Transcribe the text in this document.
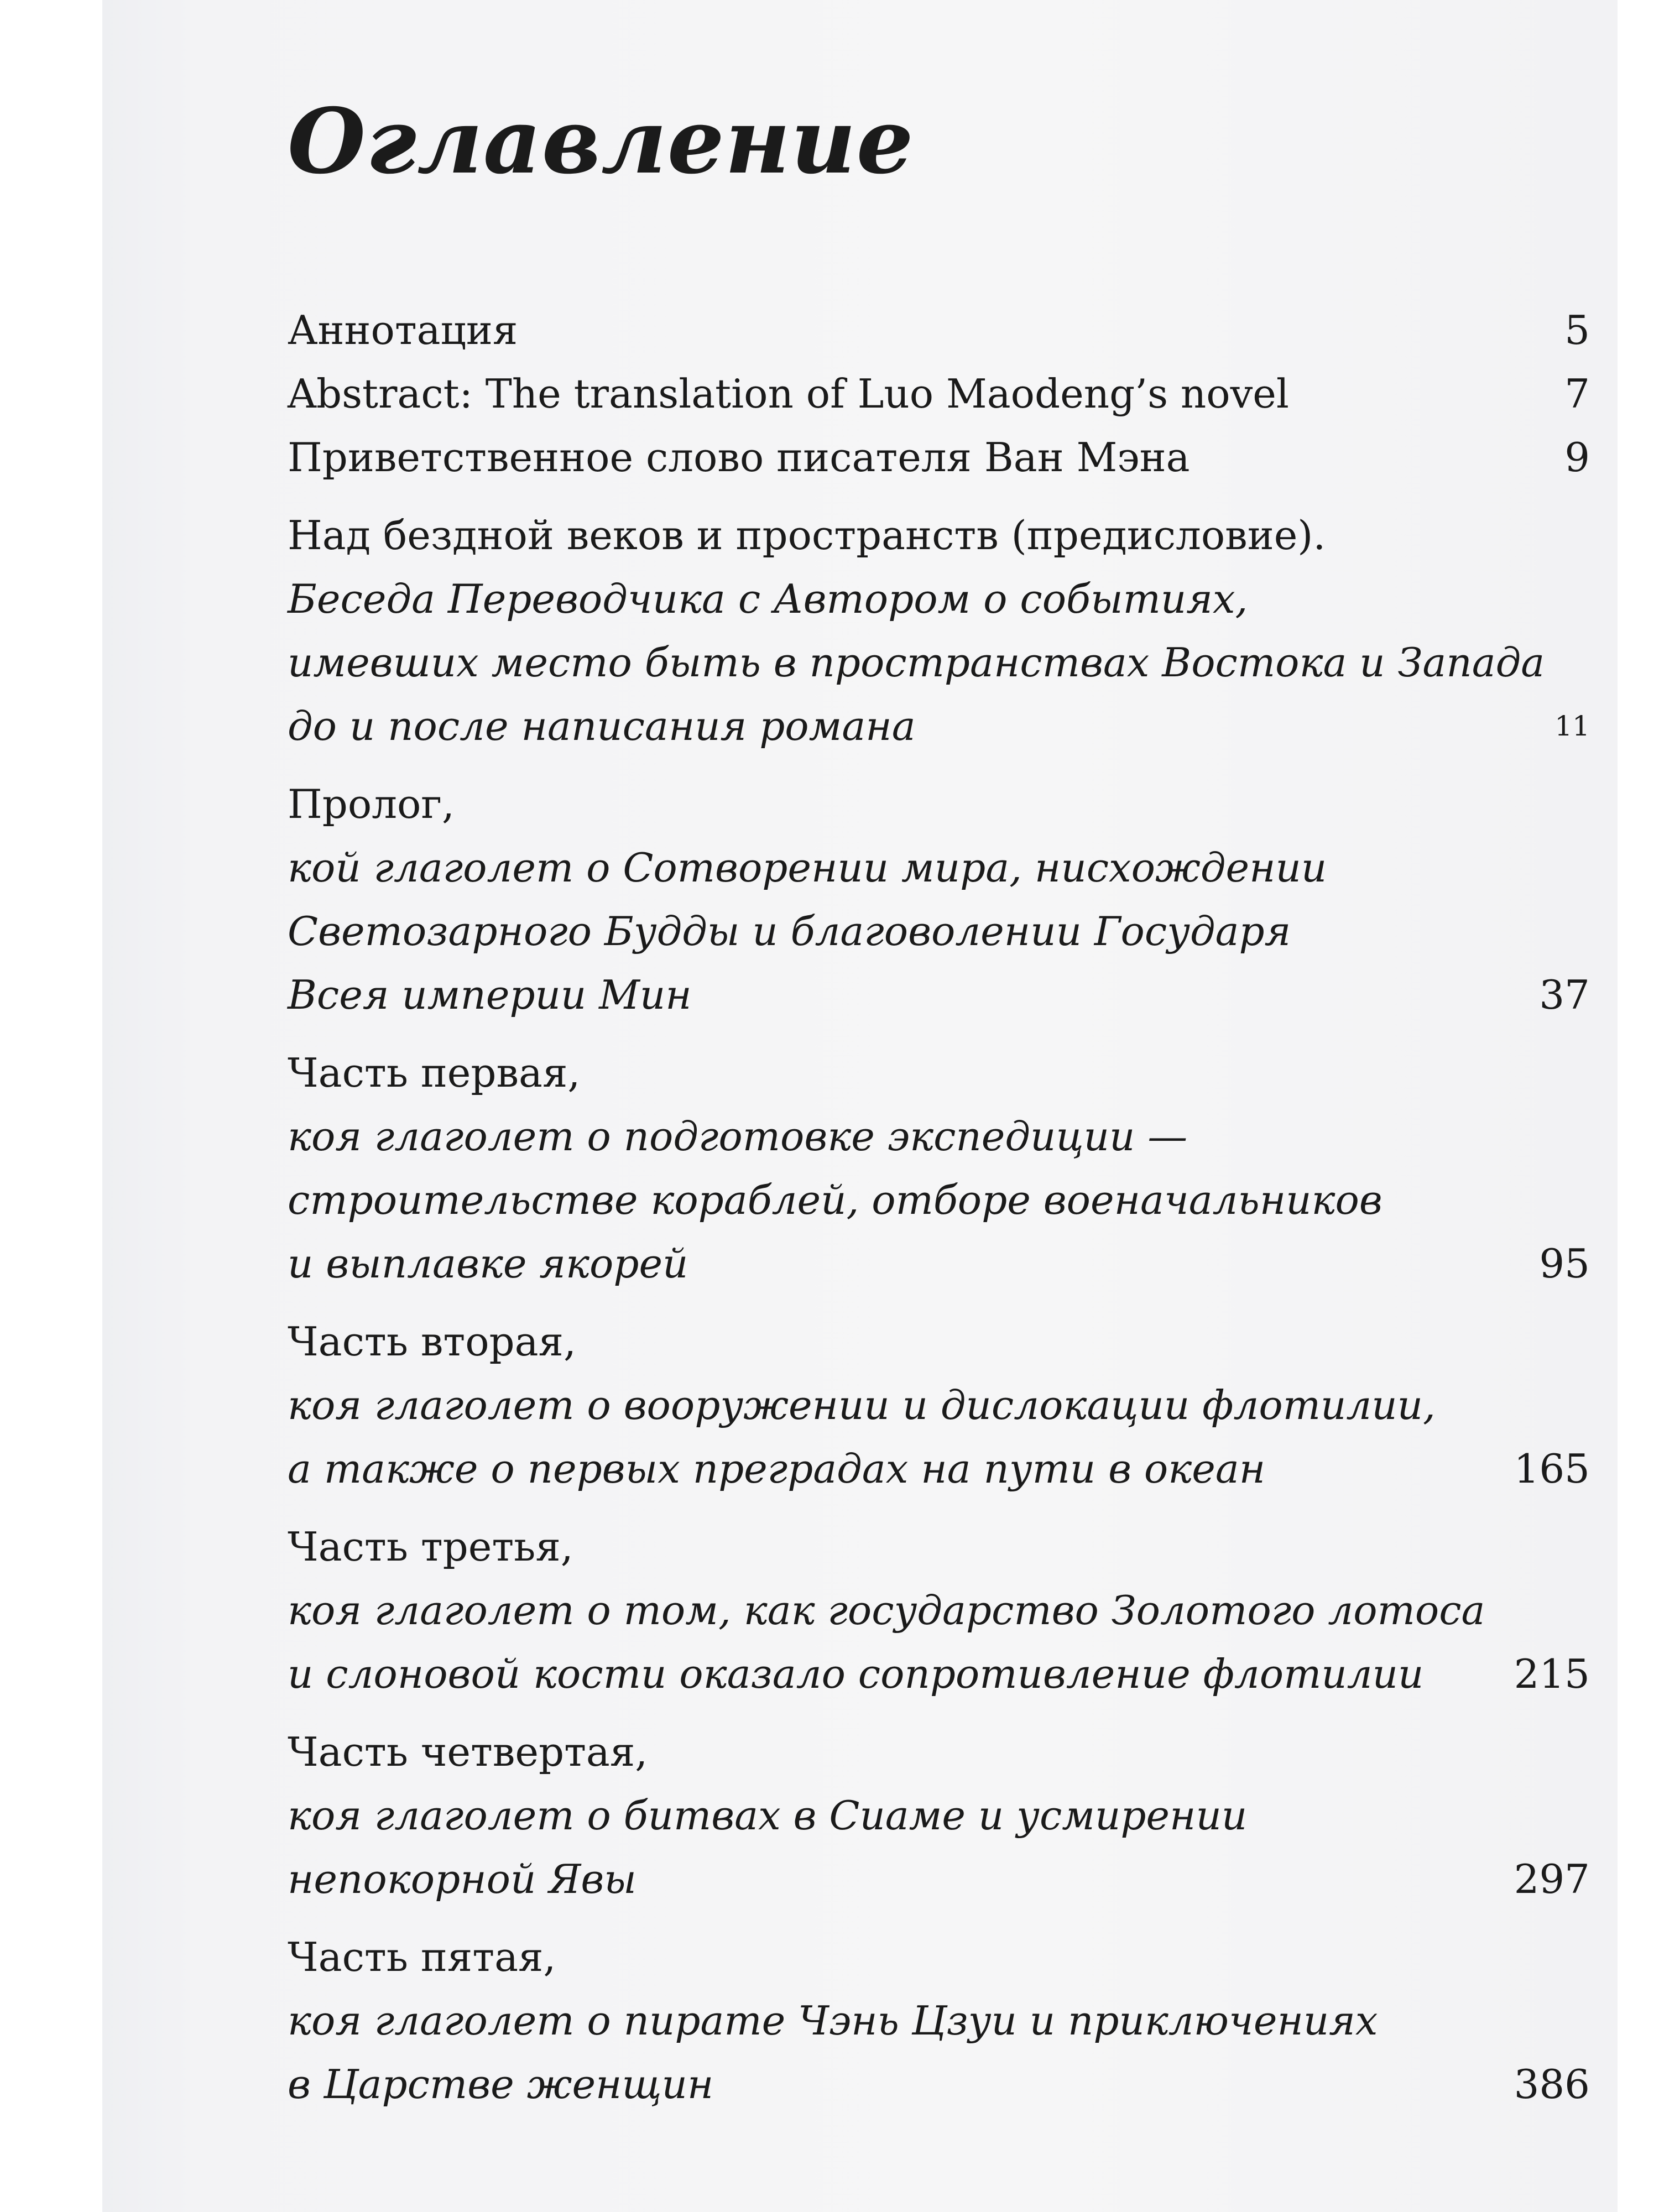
Оглавление
Аннотация	5
Abstract: The translation of Luo Maodeng’s novel	7
Приветственное слово писателя Ван Мэна	9
Над бездной веков и пространств (предисловие).
Беседа Переводчика с Автором о событиях,
имевших место быть в пространствах Востока и Запада
до и после написания романа	11
Пролог,
кой глаголет о Сотворении мира, нисхождении
Светозарного Будды и благоволении Государя
Всея империи Мин	37
Часть первая,
коя глаголет о подготовке экспедиции —
строительстве кораблей, отборе военачальников
и выплавке якорей	95
Часть вторая,
коя глаголет о вооружении и дислокации флотилии,
а также о первых преградах на пути в океан	165
Часть третья,
коя глаголет о том, как государство Золотого лотоса
и слоновой кости оказало сопротивление флотилии	215
Часть четвертая,
коя глаголет о битвах в Сиаме и усмирении
непокорной Явы	297
Часть пятая,
коя глаголет о пирате Чэнь Цзуи и приключениях
в Царстве женщин	386
